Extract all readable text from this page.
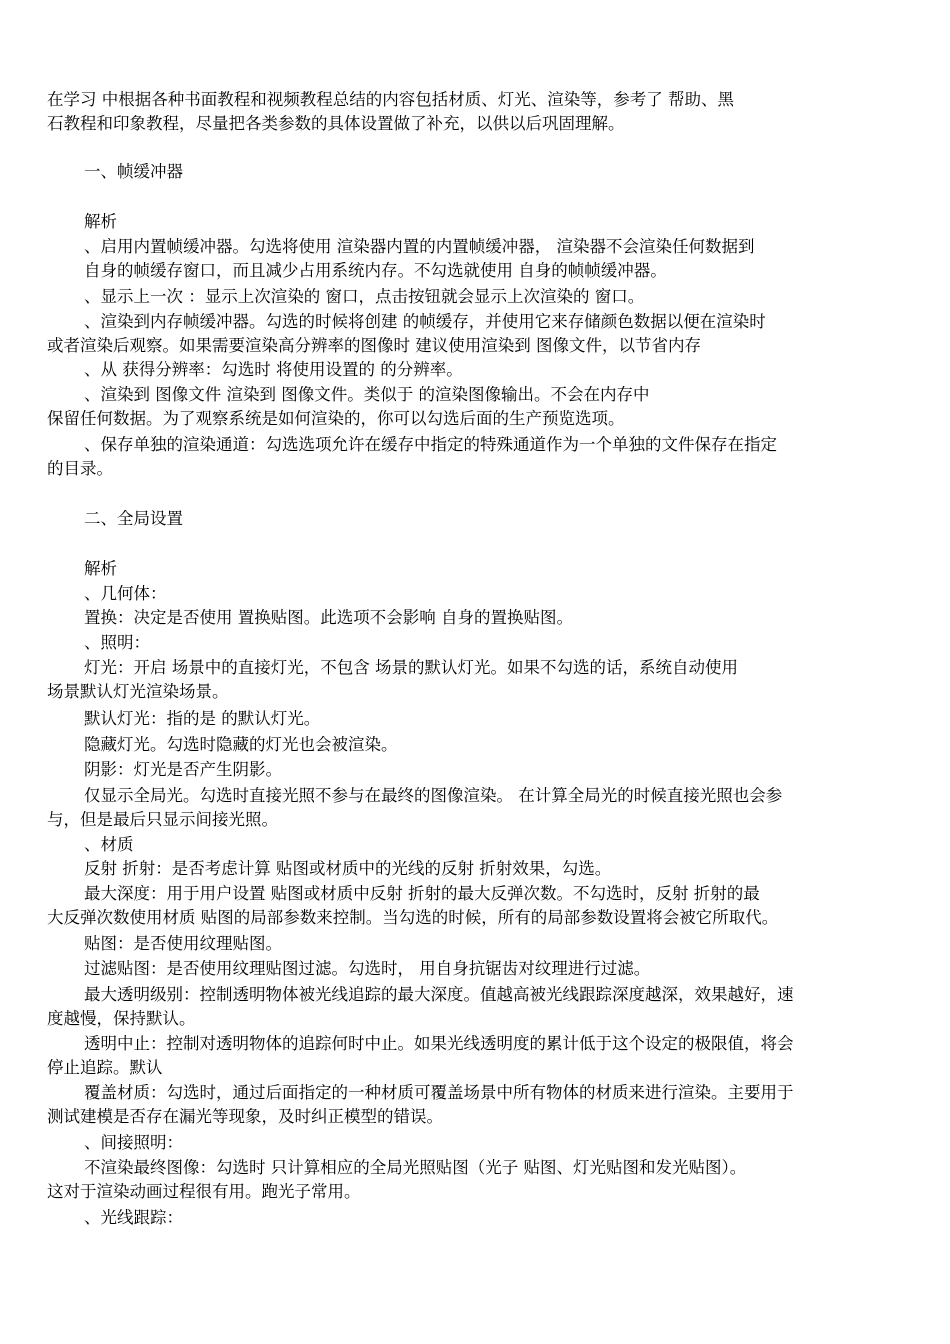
在学习 中根据各种书面教程和视频教程总结的内容包括材质、灯光、渲染等，参考了 帮助、黑
石教程和印象教程，尽量把各类参数的具体设置做了补充，以供以后巩固理解。
一、帧缓冲器
解析
、启用内置帧缓冲器。勾选将使用 渲染器内置的内置帧缓冲器， 渲染器不会渲染任何数据到
自身的帧缓存窗口，而且减少占用系统内存。不勾选就使用 自身的帧帧缓冲器。
、显示上一次 ：显示上次渲染的 窗口，点击按钮就会显示上次渲染的 窗口。
、渲染到内存帧缓冲器。勾选的时候将创建 的帧缓存，并使用它来存储颜色数据以便在渲染时
或者渲染后观察。如果需要渲染高分辨率的图像时 建议使用渲染到 图像文件，以节省内存
、从 获得分辨率：勾选时 将使用设置的 的分辨率。
、渲染到 图像文件 渲染到 图像文件。类似于 的渲染图像输出。不会在内存中
保留任何数据。为了观察系统是如何渲染的，你可以勾选后面的生产预览选项。
、保存单独的渲染通道：勾选选项允许在缓存中指定的特殊通道作为一个单独的文件保存在指定
的目录。
二、全局设置
解析
、几何体：
置换：决定是否使用 置换贴图。此选项不会影响 自身的置换贴图。
、照明：
灯光：开启 场景中的直接灯光，不包含 场景的默认灯光。如果不勾选的话，系统自动使用
场景默认灯光渲染场景。
默认灯光：指的是 的默认灯光。
隐藏灯光。勾选时隐藏的灯光也会被渲染。
阴影：灯光是否产生阴影。
仅显示全局光。勾选时直接光照不参与在最终的图像渲染。 在计算全局光的时候直接光照也会参
与，但是最后只显示间接光照。
、材质
反射 折射：是否考虑计算 贴图或材质中的光线的反射 折射效果，勾选。
最大深度：用于用户设置 贴图或材质中反射 折射的最大反弹次数。不勾选时，反射 折射的最
大反弹次数使用材质 贴图的局部参数来控制。当勾选的时候，所有的局部参数设置将会被它所取代。
贴图：是否使用纹理贴图。
过滤贴图：是否使用纹理贴图过滤。勾选时， 用自身抗锯齿对纹理进行过滤。
最大透明级别：控制透明物体被光线追踪的最大深度。值越高被光线跟踪深度越深，效果越好，速
度越慢，保持默认。
透明中止：控制对透明物体的追踪何时中止。如果光线透明度的累计低于这个设定的极限值，将会
停止追踪。默认
覆盖材质：勾选时，通过后面指定的一种材质可覆盖场景中所有物体的材质来进行渲染。主要用于
测试建模是否存在漏光等现象，及时纠正模型的错误。
、间接照明：
不渲染最终图像：勾选时 只计算相应的全局光照贴图（光子 贴图、灯光贴图和发光贴图）。
这对于渲染动画过程很有用。跑光子常用。
、光线跟踪：
